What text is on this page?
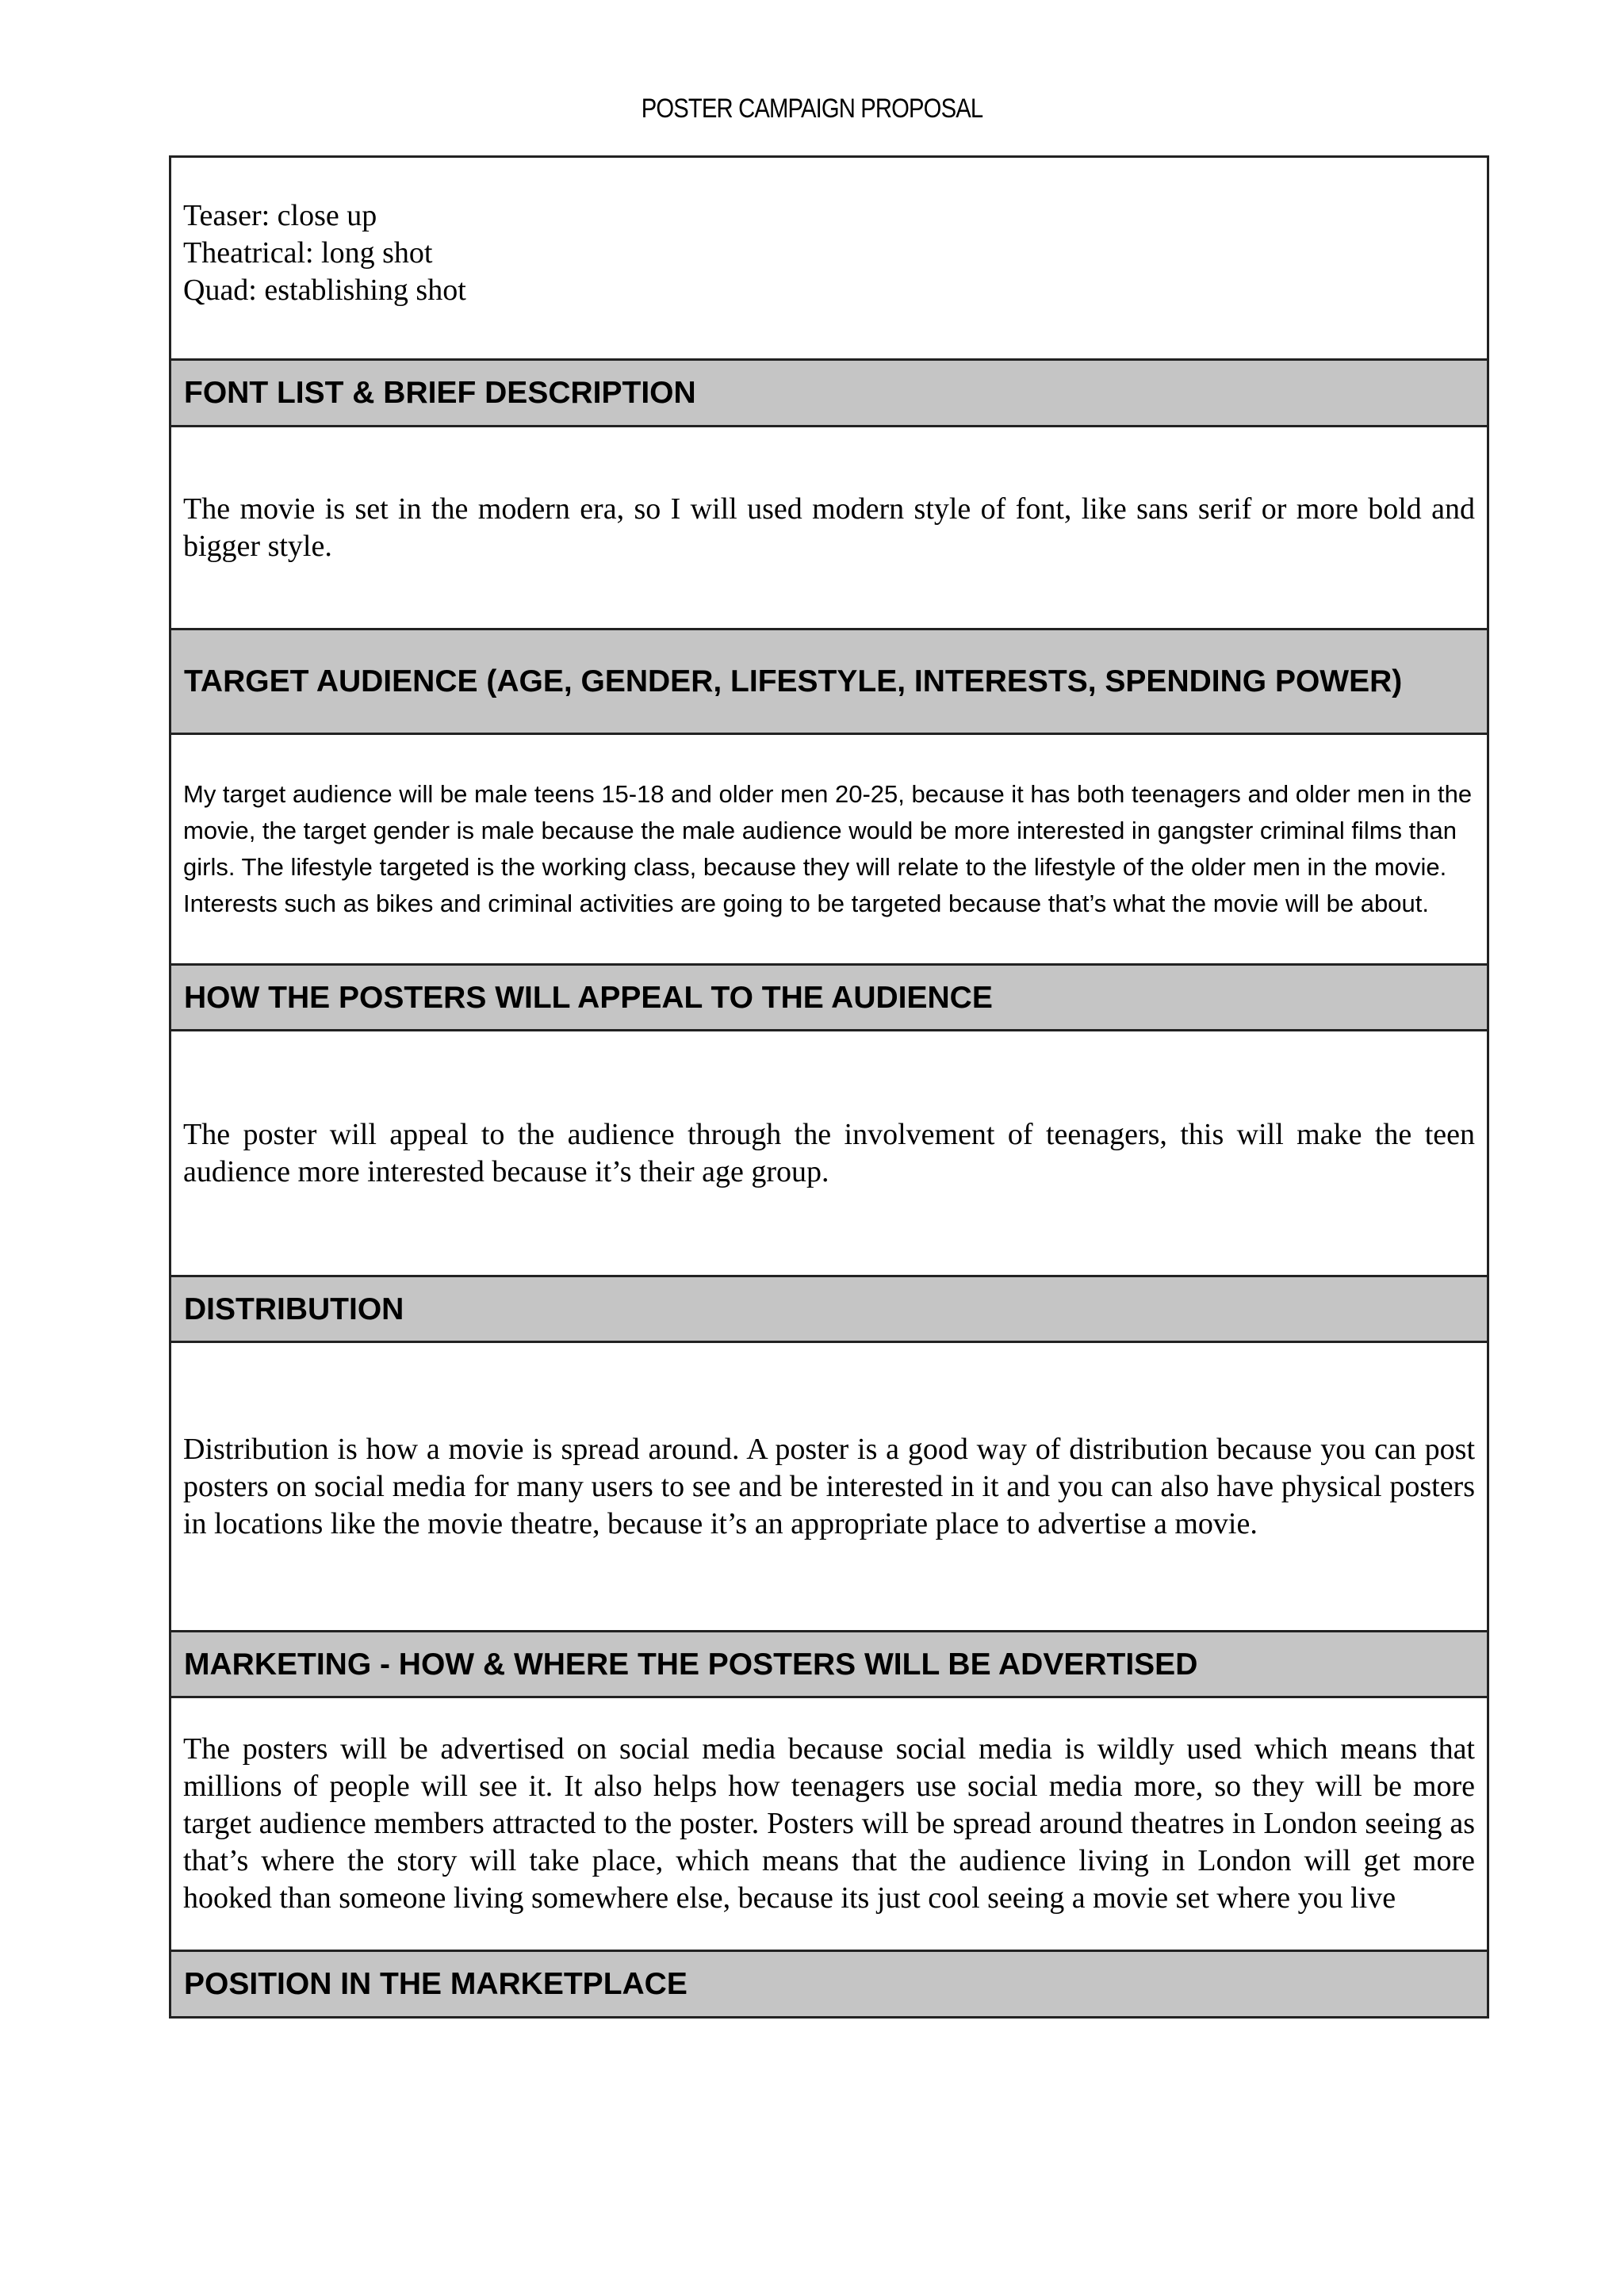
POSTER CAMPAIGN PROPOSAL
Teaser: close up
Theatrical: long shot
Quad: establishing shot
FONT LIST & BRIEF DESCRIPTION
The movie is set in the modern era, so I will used modern style of font, like sans serif or more bold and bigger style.
TARGET AUDIENCE (AGE, GENDER, LIFESTYLE, INTERESTS, SPENDING POWER)
My target audience will be male teens 15-18 and older men 20-25, because it has both teenagers and older men in the movie, the target gender is male because the male audience would be more interested in gangster criminal films than girls. The lifestyle targeted is the working class, because they will relate to the lifestyle of the older men in the movie. Interests such as bikes and criminal activities are going to be targeted because that’s what the movie will be about.
HOW THE POSTERS WILL APPEAL TO THE AUDIENCE
The poster will appeal to the audience through the involvement of teenagers, this will make the teen audience more interested because it’s their age group.
DISTRIBUTION
Distribution is how a movie is spread around. A poster is a good way of distribution because you can post posters on social media for many users to see and be interested in it and you can also have physical posters in locations like the movie theatre, because it’s an appropriate place to advertise a movie.
MARKETING - HOW & WHERE THE POSTERS WILL BE ADVERTISED
The posters will be advertised on social media because social media is wildly used which means that millions of people will see it. It also helps how teenagers use social media more, so they will be more target audience members attracted to the poster. Posters will be spread around theatres in London seeing as that’s where the story will take place, which means that the audience living in London will get more hooked than someone living somewhere else, because its just cool seeing a movie set where you live
POSITION IN THE MARKETPLACE
